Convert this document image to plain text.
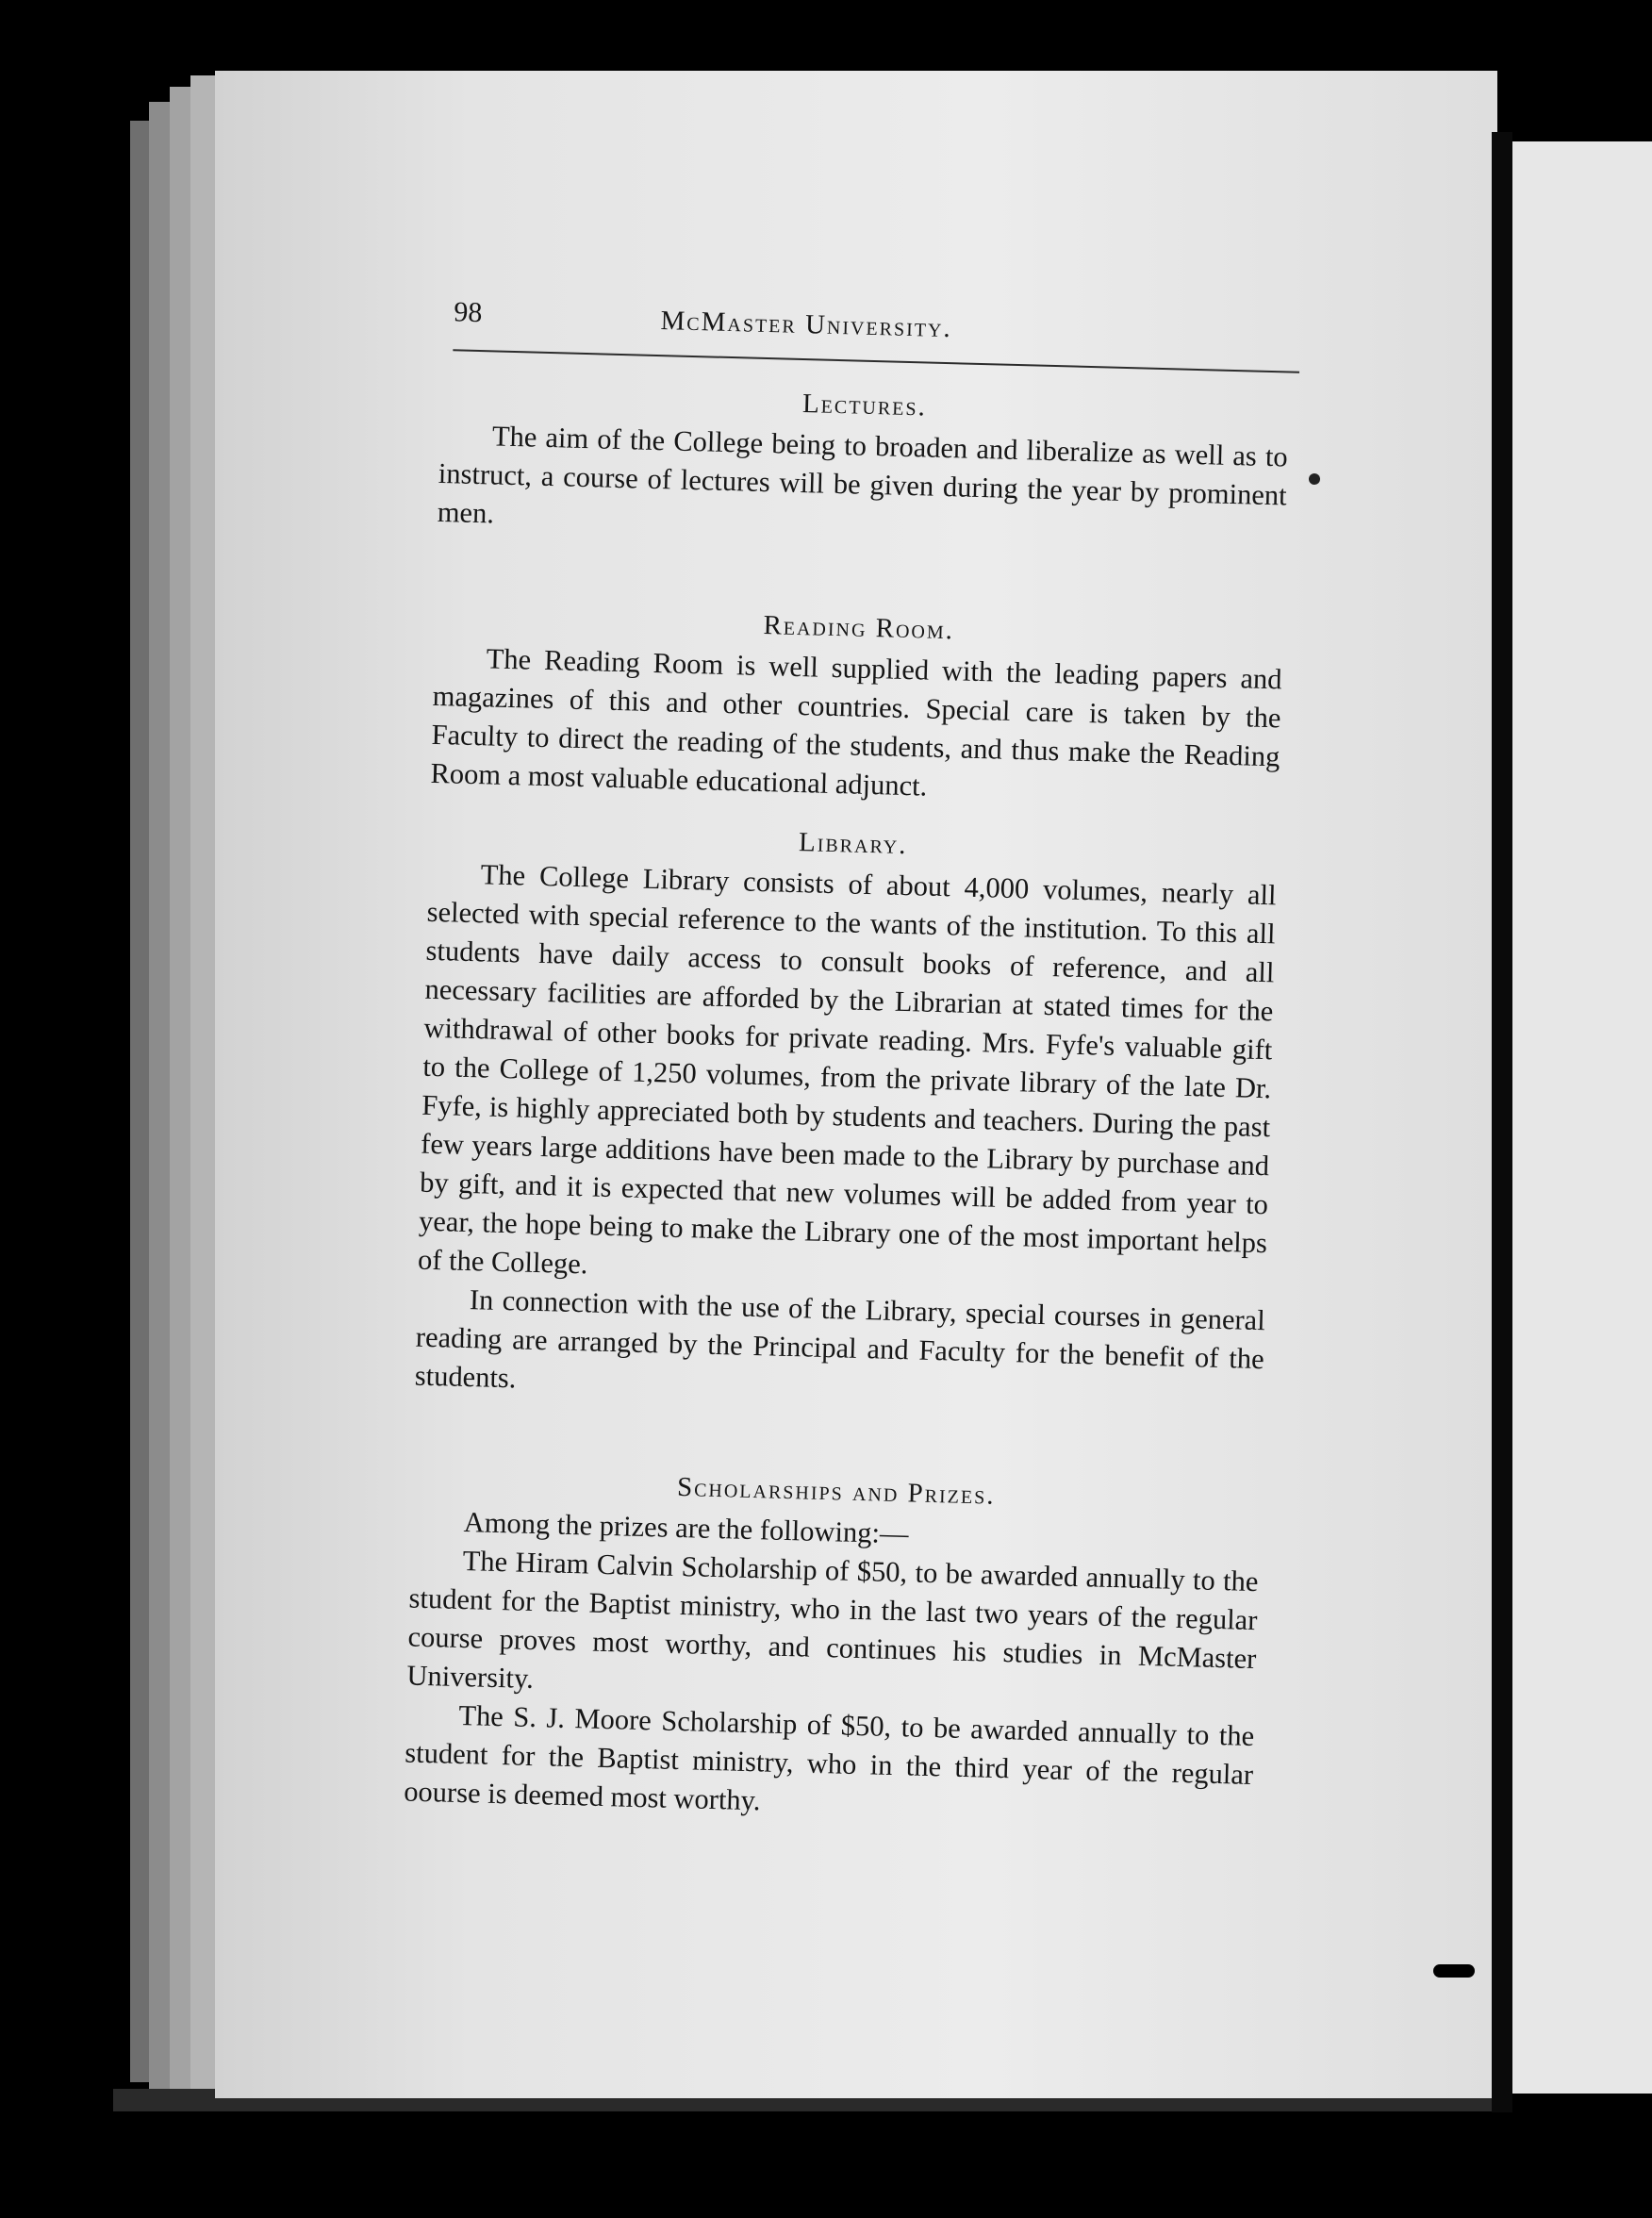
98	McMaster University.
Lectures.

The aim of the College being to broaden and liberalize as well as to instruct, a course of lectures will be given during the year by prominent men.

Reading Room.

The Reading Room is well supplied with the leading papers and magazines of this and other countries. Special care is taken by the Faculty to direct the reading of the students, and thus make the Reading Room a most valuable educational adjunct.

Library.

The College Library consists of about 4,000 volumes, nearly all selected with special reference to the wants of the institution. To this all students have daily access to consult books of reference, and all necessary facilities are afforded by the Librarian at stated times for the withdrawal of other books for private reading. Mrs. Fyfe's valuable gift to the College of 1,250 volumes, from the private library of the late Dr. Fyfe, is highly appreciated both by students and teachers. During the past few years large additions have been made to the Library by purchase and by gift, and it is expected that new volumes will be added from year to year, the hope being to make the Library one of the most important helps of the College.

In connection with the use of the Library, special courses in general reading are arranged by the Principal and Faculty for the benefit of the students.

Scholarships and Prizes.

Among the prizes are the following:—

The Hiram Calvin Scholarship of $50, to be awarded annually to the student for the Baptist ministry, who in the last two years of the regular course proves most worthy, and continues his studies in McMaster University.

The S. J. Moore Scholarship of $50, to be awarded annually to the student for the Baptist ministry, who in the third year of the regular oourse is deemed most worthy.
